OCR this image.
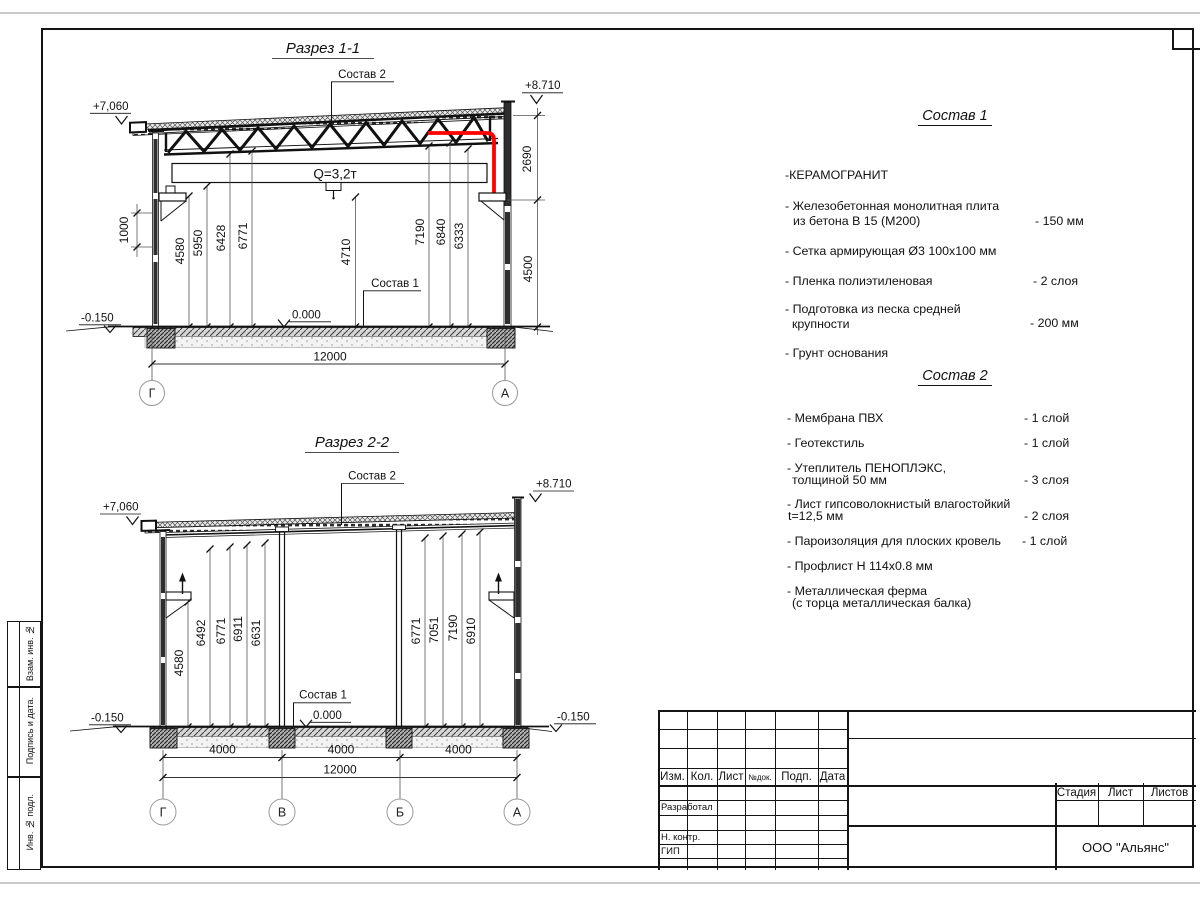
Разрез 1-1
Q=3,2т
+8.710
+7,060
0.000
-0.150
Состав 2
Состав 1
4580 5950 6428 6771
4710
7190 6840 6333
1000
2690
4500
12000
Г	А
Разрез 2-2
+8.710
+7,060
0.000
-0.150	-0.150
Состав 2
Состав 1
4580
6492 6771 6911 6631	6771 7051 7190 6910
4000	4000	4000
12000
Г	В	Б	А
Состав 1
-КЕРАМОГРАНИТ
- Железобетонная монолитная плита
из бетона В 15 (М200)	- 150 мм
- Сетка армирующая Ø3 100х100 мм
- Пленка полиэтиленовая	- 2 слоя
- Подготовка из песка средней
крупности	- 200 мм
- Грунт основания
Состав 2
- Мембрана ПВХ	- 1 слой
- Геотекстиль	- 1 слой
- Утеплитель ПЕНОПЛЭКС,
толщиной 50 мм	- 3 слоя
- Лист гипсоволокнистый влагостойкий
t=12,5 мм	- 2 слоя
- Пароизоляция для плоских кровель - 1 слой
- Профлист Н 114х0.8 мм
- Металлическая ферма
(с торца металлическая балка)
Изм. Кол. Лист №док. Подп. Дата
Разработал
Н. контр.
ГИП
Стадия	Лист	Листов
ООО "Альянс"
Взам. инв. №
Подпись и дата.
Инв. № подл.
